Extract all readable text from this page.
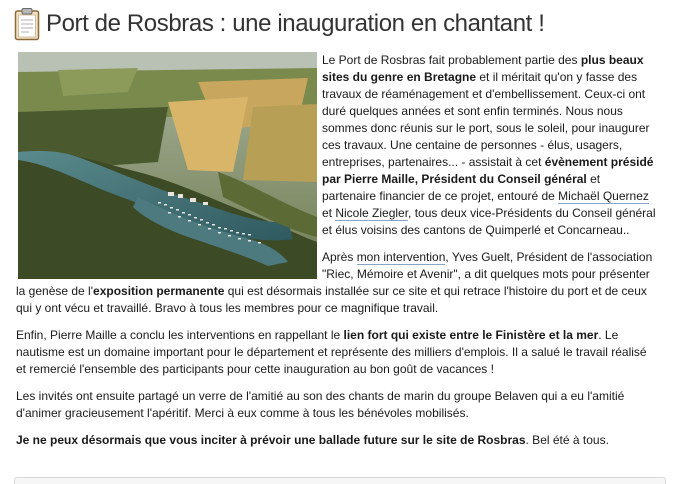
Port de Rosbras : une inauguration en chantant !

Le Port de Rosbras fait probablement partie des plus beaux sites du genre en Bretagne et il méritait qu'on y fasse des travaux de réaménagement et d'embellissement. Ceux-ci ont duré quelques années et sont enfin terminés. Nous nous sommes donc réunis sur le port, sous le soleil, pour inaugurer ces travaux. Une centaine de personnes - élus, usagers, entreprises, partenaires... - assistait à cet évènement présidé par Pierre Maille, Président du Conseil général et partenaire financier de ce projet, entouré de Michaël Quernez et Nicole Ziegler, tous deux vice-Présidents du Conseil général et élus voisins des cantons de Quimperlé et Concarneau..

Après mon intervention, Yves Guelt, Président de l'association "Riec, Mémoire et Avenir", a dit quelques mots pour présenter la genèse de l'exposition permanente qui est désormais installée sur ce site et qui retrace l'histoire du port et de ceux qui y ont vécu et travaillé. Bravo à tous les membres pour ce magnifique travail.

Enfin, Pierre Maille a conclu les interventions en rappellant le lien fort qui existe entre le Finistère et la mer. Le nautisme est un domaine important pour le département et représente des milliers d'emplois. Il a salué le travail réalisé et remercié l'ensemble des participants pour cette inauguration au bon goût de vacances !

Les invités ont ensuite partagé un verre de l'amitié au son des chants de marin du groupe Belaven qui a eu l'amitié d'animer gracieusement l'apéritif. Merci à eux comme à tous les bénévoles mobilisés.

Je ne peux désormais que vous inciter à prévoir une ballade future sur le site de Rosbras. Bel été à tous.
